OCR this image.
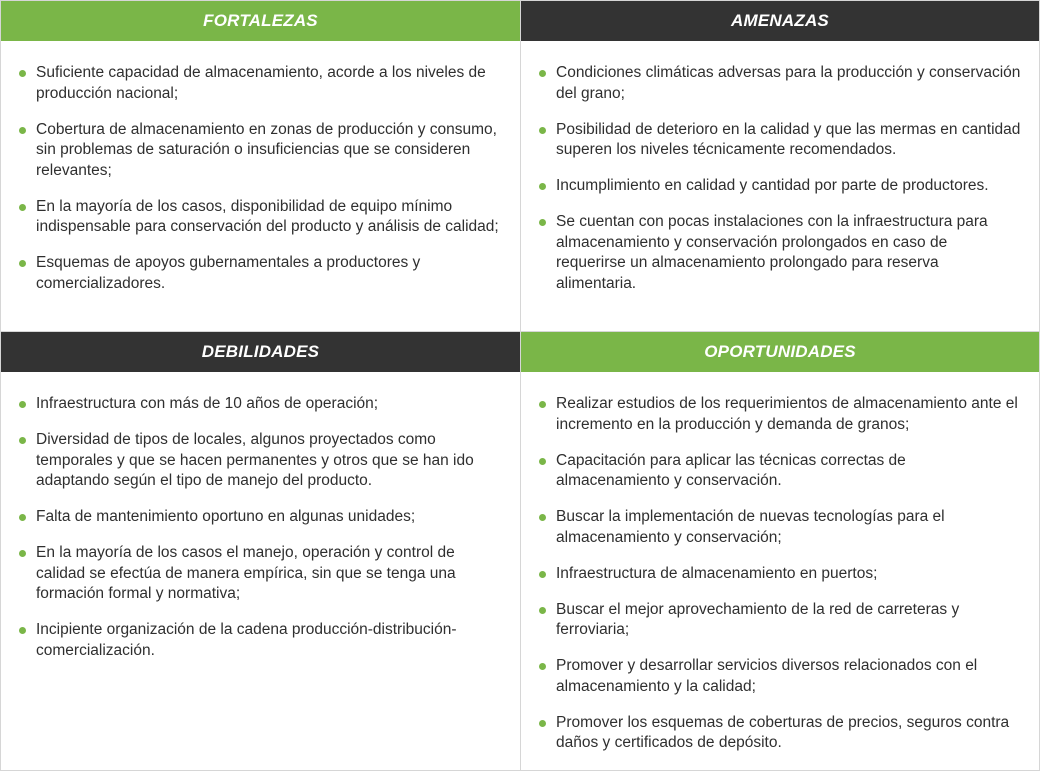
FORTALEZAS
Suficiente capacidad de almacenamiento, acorde a los niveles de producción nacional;
Cobertura de almacenamiento en zonas de producción y consumo, sin problemas de saturación o insuficiencias que se consideren relevantes;
En la mayoría de los casos, disponibilidad de equipo mínimo indispensable para conservación del producto y análisis de calidad;
Esquemas de apoyos gubernamentales a productores y comercializadores.
AMENAZAS
Condiciones climáticas adversas para la producción y conservación del grano;
Posibilidad de deterioro en la calidad y que las mermas en cantidad superen los niveles técnicamente recomendados.
Incumplimiento en calidad y cantidad por parte de productores.
Se cuentan con pocas instalaciones con la infraestructura para almacenamiento y conservación prolongados en caso de requerirse un almacenamiento prolongado para reserva alimentaria.
DEBILIDADES
Infraestructura con más de 10 años de operación;
Diversidad de tipos de locales, algunos proyectados como temporales y que se hacen permanentes y otros que se han ido adaptando según el tipo de manejo del producto.
Falta de mantenimiento oportuno en algunas unidades;
En la mayoría de los casos el manejo, operación y control de calidad se efectúa de manera empírica, sin que se tenga una formación formal y normativa;
Incipiente organización de la cadena producción-distribución-comercialización.
OPORTUNIDADES
Realizar estudios de los requerimientos de almacenamiento ante el incremento en la producción y demanda de granos;
Capacitación para aplicar las técnicas correctas de almacenamiento y conservación.
Buscar la implementación de nuevas tecnologías para el almacenamiento y conservación;
Infraestructura de almacenamiento en puertos;
Buscar el mejor aprovechamiento de la red de carreteras y ferroviaria;
Promover y desarrollar servicios diversos relacionados con el almacenamiento y la calidad;
Promover los esquemas de coberturas de precios, seguros contra daños y certificados de depósito.
